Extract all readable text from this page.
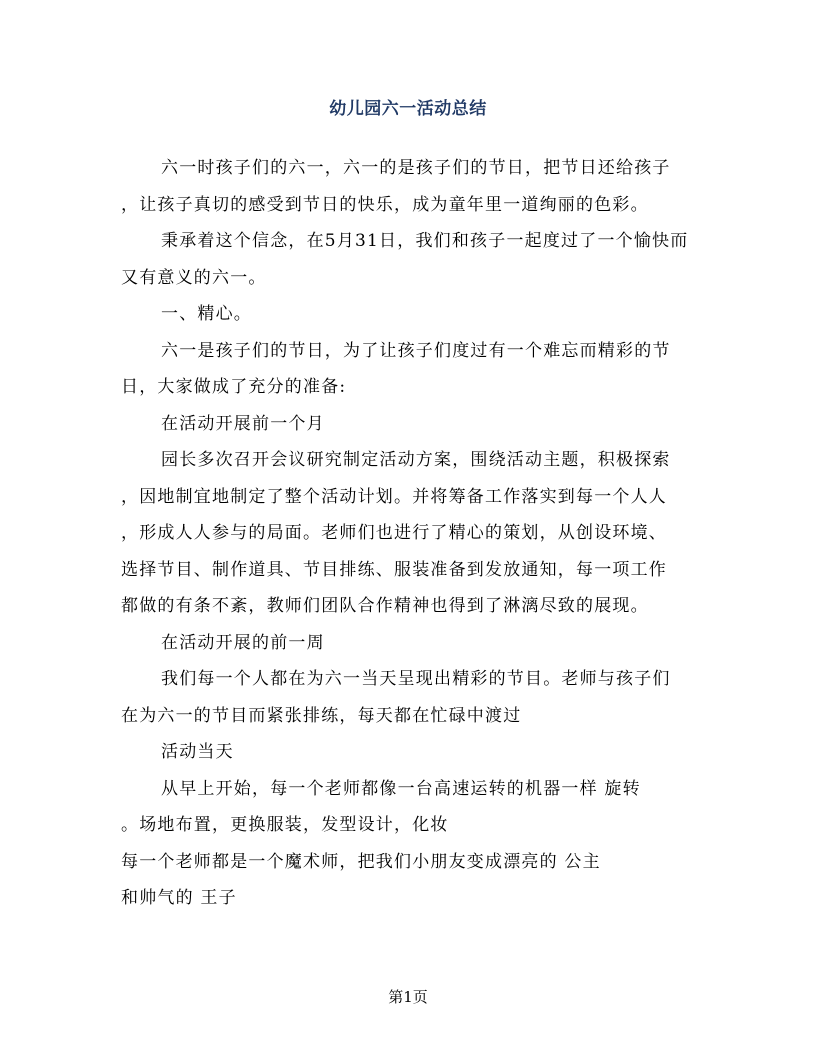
幼儿园六一活动总结
六一时孩子们的六一，六一的是孩子们的节日，把节日还给孩子
，让孩子真切的感受到节日的快乐，成为童年里一道绚丽的色彩。
秉承着这个信念，在5月31日，我们和孩子一起度过了一个愉快而
又有意义的六一。
一、精心。
六一是孩子们的节日，为了让孩子们度过有一个难忘而精彩的节
日，大家做成了充分的准备:
在活动开展前一个月
园长多次召开会议研究制定活动方案，围绕活动主题，积极探索
，因地制宜地制定了整个活动计划。并将筹备工作落实到每一个人人
，形成人人参与的局面。老师们也进行了精心的策划，从创设环境、
选择节目、制作道具、节目排练、服装准备到发放通知，每一项工作
都做的有条不紊，教师们团队合作精神也得到了淋漓尽致的展现。
在活动开展的前一周
我们每一个人都在为六一当天呈现出精彩的节目。老师与孩子们
在为六一的节目而紧张排练，每天都在忙碌中渡过
活动当天
从早上开始，每一个老师都像一台高速运转的机器一样 旋转
。场地布置，更换服装，发型设计，化妆
每一个老师都是一个魔术师，把我们小朋友变成漂亮的 公主
和帅气的 王子
第1页
